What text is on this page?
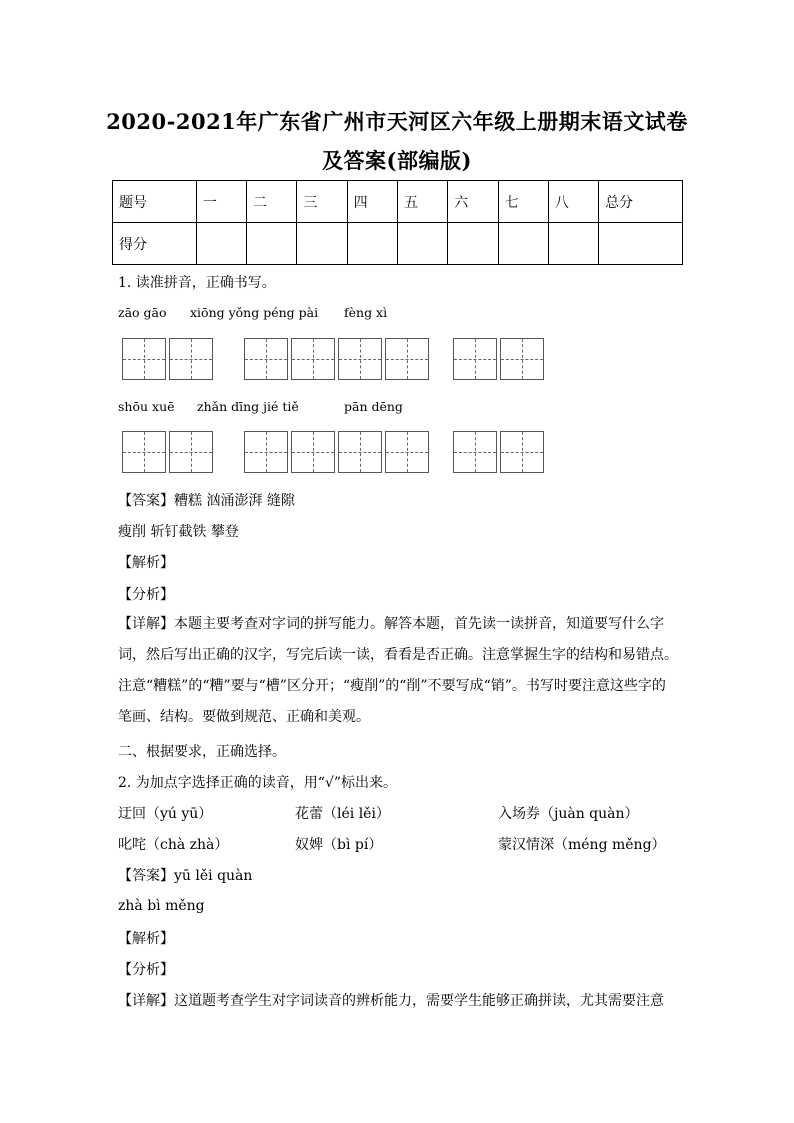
2020-2021年广东省广州市天河区六年级上册期末语文试卷
及答案(部编版)
题号	一	二	三	四	五	六	七	八	总分
得分									
1. 读准拼音，正确书写。
zāo gāo xiōng yǒng péng pài fèng xì
shōu xuē zhǎn dīng jié tiě	pān dēng
【答案】糟糕 汹涌澎湃 缝隙
瘦削 斩钉截铁 攀登
【解析】
【分析】
【详解】本题主要考查对字词的拼写能力。解答本题，首先读一读拼音，知道要写什么字词，然后写出正确的汉字，写完后读一读，看看是否正确。注意掌握生字的结构和易错点。注意“糟糕”的“糟”要与“槽”区分开；“瘦削”的“削”不要写成“销”。书写时要注意这些字的笔画、结构。要做到规范、正确和美观。
二、根据要求，正确选择。
2. 为加点字选择正确的读音，用“√”标出来。
迂回（yú yū）	花蕾（léi lěi）	入场券（juàn quàn）
叱咤（chà zhà）	奴婢（bì pí）	蒙汉情深（méng měng）
【答案】yū lěi quàn
zhà bì měng
【解析】
【分析】
【详解】这道题考查学生对字词读音的辨析能力，需要学生能够正确拼读，尤其需要注意
